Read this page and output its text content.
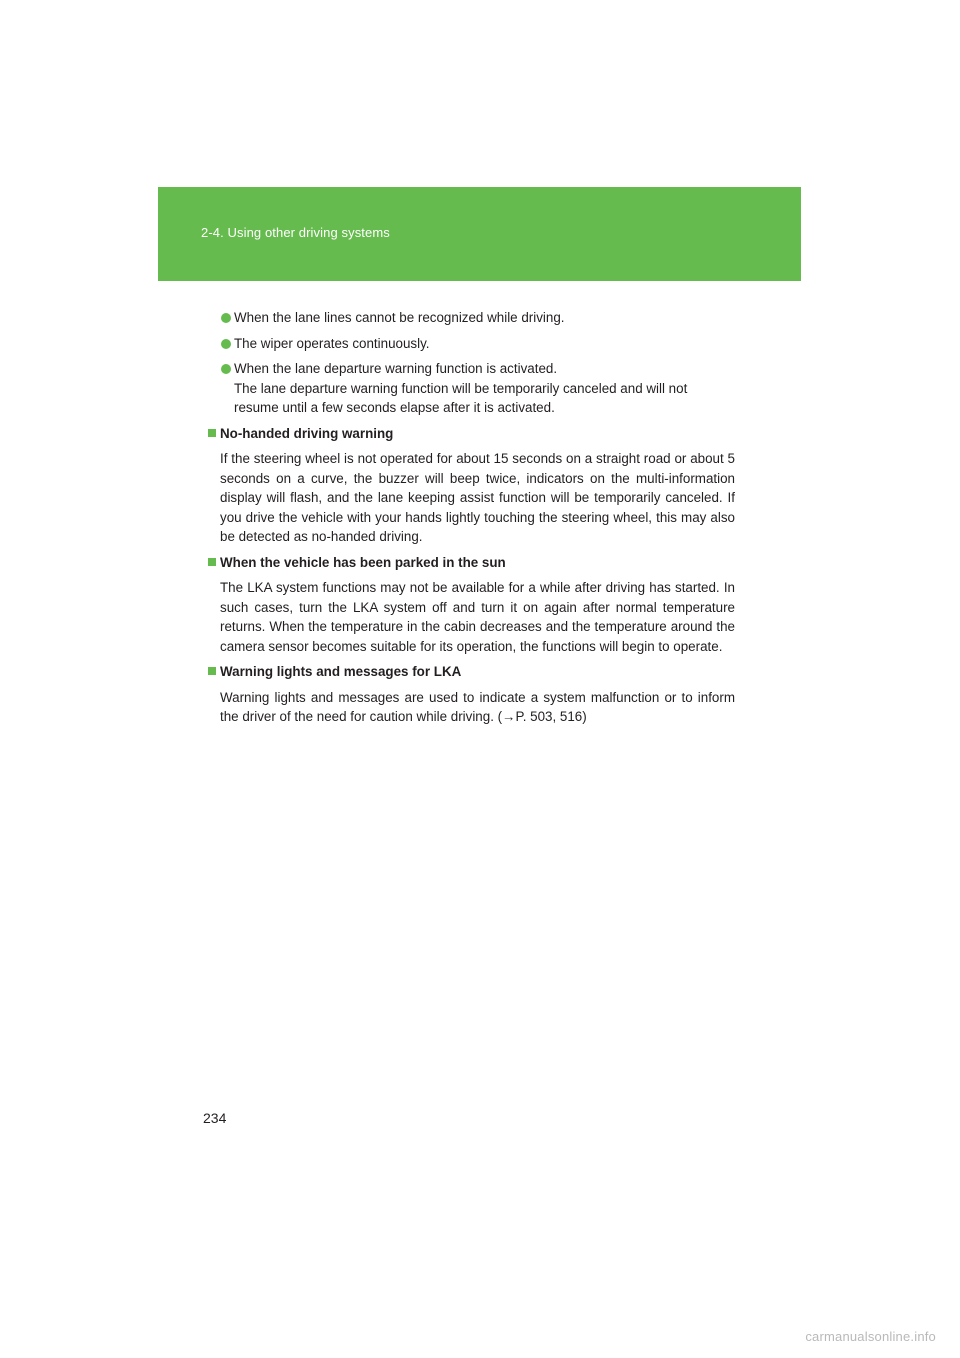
2-4. Using other driving systems
When the lane lines cannot be recognized while driving.
The wiper operates continuously.
When the lane departure warning function is activated.
The lane departure warning function will be temporarily canceled and will not resume until a few seconds elapse after it is activated.
No-handed driving warning

If the steering wheel is not operated for about 15 seconds on a straight road or about 5 seconds on a curve, the buzzer will beep twice, indicators on the multi-information display will flash, and the lane keeping assist function will be temporarily canceled. If you drive the vehicle with your hands lightly touching the steering wheel, this may also be detected as no-handed driving.

When the vehicle has been parked in the sun

The LKA system functions may not be available for a while after driving has started. In such cases, turn the LKA system off and turn it on again after normal temperature returns. When the temperature in the cabin decreases and the temperature around the camera sensor becomes suitable for its operation, the functions will begin to operate.

Warning lights and messages for LKA

Warning lights and messages are used to indicate a system malfunction or to inform the driver of the need for caution while driving. (→P. 503, 516)

234
carmanualsonline.info
